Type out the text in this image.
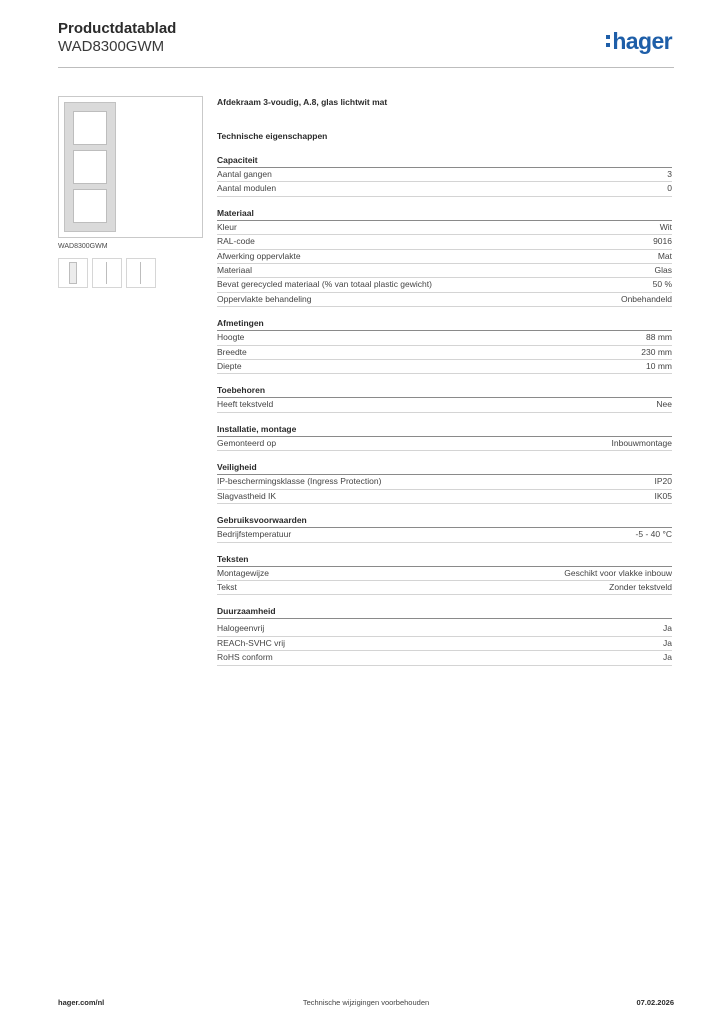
Productdatablad
WAD8300GWM	hager
WAD8300GWM
Afdekraam 3-voudig, A.8, glas lichtwit mat
Technische eigenschappen
Capaciteit
Aantal gangen	3
Aantal modulen	0
Materiaal
Kleur	Wit
RAL-code	9016
Afwerking oppervlakte	Mat
Materiaal	Glas
Bevat gerecycled materiaal (% van totaal plastic gewicht)	50 %
Oppervlakte behandeling	Onbehandeld
Afmetingen
Hoogte	88 mm
Breedte	230 mm
Diepte	10 mm
Toebehoren
Heeft tekstveld	Nee
Installatie, montage
Gemonteerd op	Inbouwmontage
Veiligheid
IP-beschermingsklasse (Ingress Protection)	IP20
Slagvastheid IK	IK05
Gebruiksvoorwaarden
Bedrijfstemperatuur	-5 - 40 °C
Teksten
Montagewijze	Geschikt voor vlakke inbouw
Tekst	Zonder tekstveld
Duurzaamheid
Halogeenvrij	Ja
REACh-SVHC vrij	Ja
RoHS conform	Ja
hager.com/nl	Technische wijzigingen voorbehouden	07.02.2026
